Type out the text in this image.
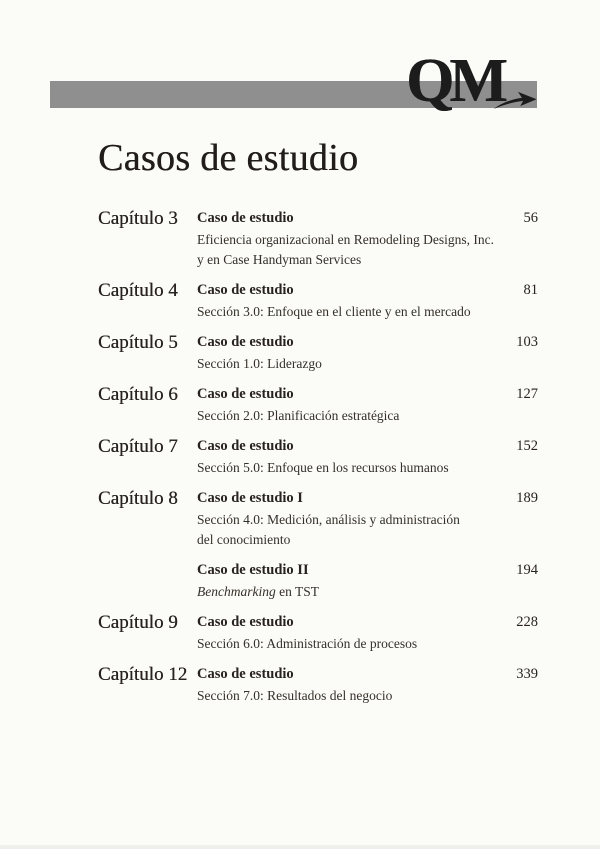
QM
Casos de estudio
Capítulo 3	Caso de estudio
Eficiencia organizacional en Remodeling Designs, Inc.
y en Case Handyman Services
56
Capítulo 4	Caso de estudio
Sección 3.0: Enfoque en el cliente y en el mercado
81
Capítulo 5	Caso de estudio
Sección 1.0: Liderazgo
103
Capítulo 6	Caso de estudio
Sección 2.0: Planificación estratégica
127
Capítulo 7	Caso de estudio
Sección 5.0: Enfoque en los recursos humanos
152
Capítulo 8	Caso de estudio I
Sección 4.0: Medición, análisis y administración
del conocimiento
189
Caso de estudio II
Benchmarking en TST
194
Capítulo 9	Caso de estudio
Sección 6.0: Administración de procesos
228
Capítulo 12 Caso de estudio
Sección 7.0: Resultados del negocio
339
